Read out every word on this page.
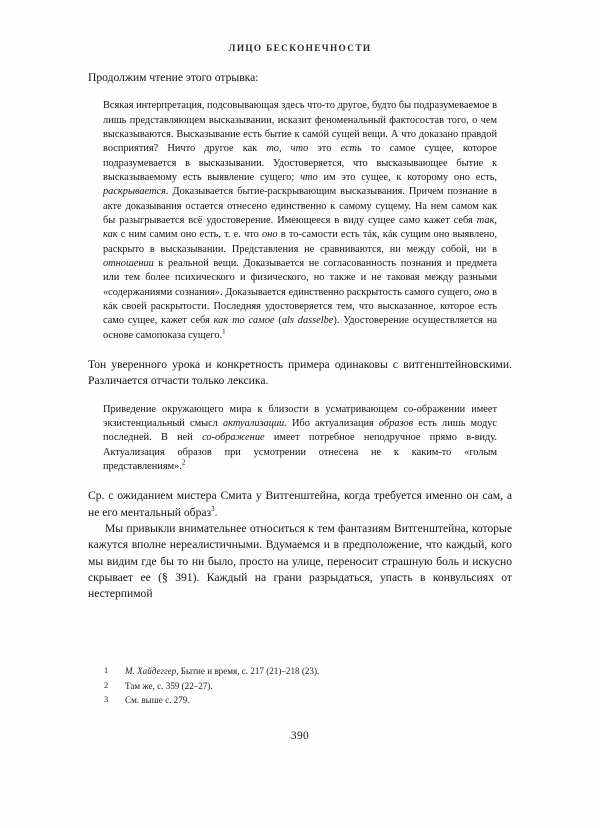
ЛИЦО БЕСКОНЕЧНОСТИ

Продолжим чтение этого отрывка:

Всякая интерпретация, подсовывающая здесь что-то другое, будто бы подразумеваемое в лишь представляющем высказывании, исказит феноменальный фактосостав того, о чем высказываются. Высказывание есть бытие к самóй сущей вещи. А что доказано правдой восприятия? Ничто другое как то, что это есть то самое сущее, которое подразумевается в высказывании. Удостоверяется, что высказывающее бытие к высказываемому есть выявление сущего; что им это сущее, к которому оно есть, раскрывается. Доказывается бытие-раскрывающим высказывания. Причем познание в акте доказывания остается отнесено единственно к самому сущему. На нем самом как бы разыгрывается всё удостоверение. Имеющееся в виду сущее само кажет себя так, как с ним самим оно есть, т. е. что оно в то-самости есть тáк, кáк сущим оно выявлено, раскрыто в высказывании. Представления не сравниваются, ни между собой, ни в отношении к реальной вещи. Доказывается не согласованность познания и предмета или тем более психического и физического, но также и не таковая между разными «содержаниями сознания». Доказывается единственно раскрытость самого сущего, оно в кáк своей раскрытости. Последняя удостоверяется тем, что высказанное, которое есть само сущее, кажет себя как то самое (als dasselbe). Удостоверение осуществляется на основе самопоказа сущего.$^1$

Тон уверенного урока и конкретность примера одинаковы с витгенштейновскими. Различается отчасти только лексика.

Приведение окружающего мира к близости в усматривающем со-ображении имеет экзистенциальный смысл актуализации. Ибо актуализация образов есть лишь модус последней. В ней со-ображение имеет потребное неподручное прямо в-виду. Актуализация образов при усмотрении отнесена не к каким-то «голым представлениям».$^2$

Ср. с ожиданием мистера Смита у Витгенштейна, когда требуется именно он сам, а не его ментальный образ$^3$.

Мы привыкли внимательнее относиться к тем фантазиям Витгенштейна, которые кажутся вполне нереалистичными. Вдумаемся и в предположение, что каждый, кого мы видим где бы то ни было, просто на улице, переносит страшную боль и искусно скрывает ее (§ 391). Каждый на грани разрыдаться, упасть в конвульсиях от нестерпимой

1	М. Хайдеггер, Бытие и время, с. 217 (21)–218 (23).
2	Там же, с. 359 (22–27).
3	См. выше с. 279.
390
